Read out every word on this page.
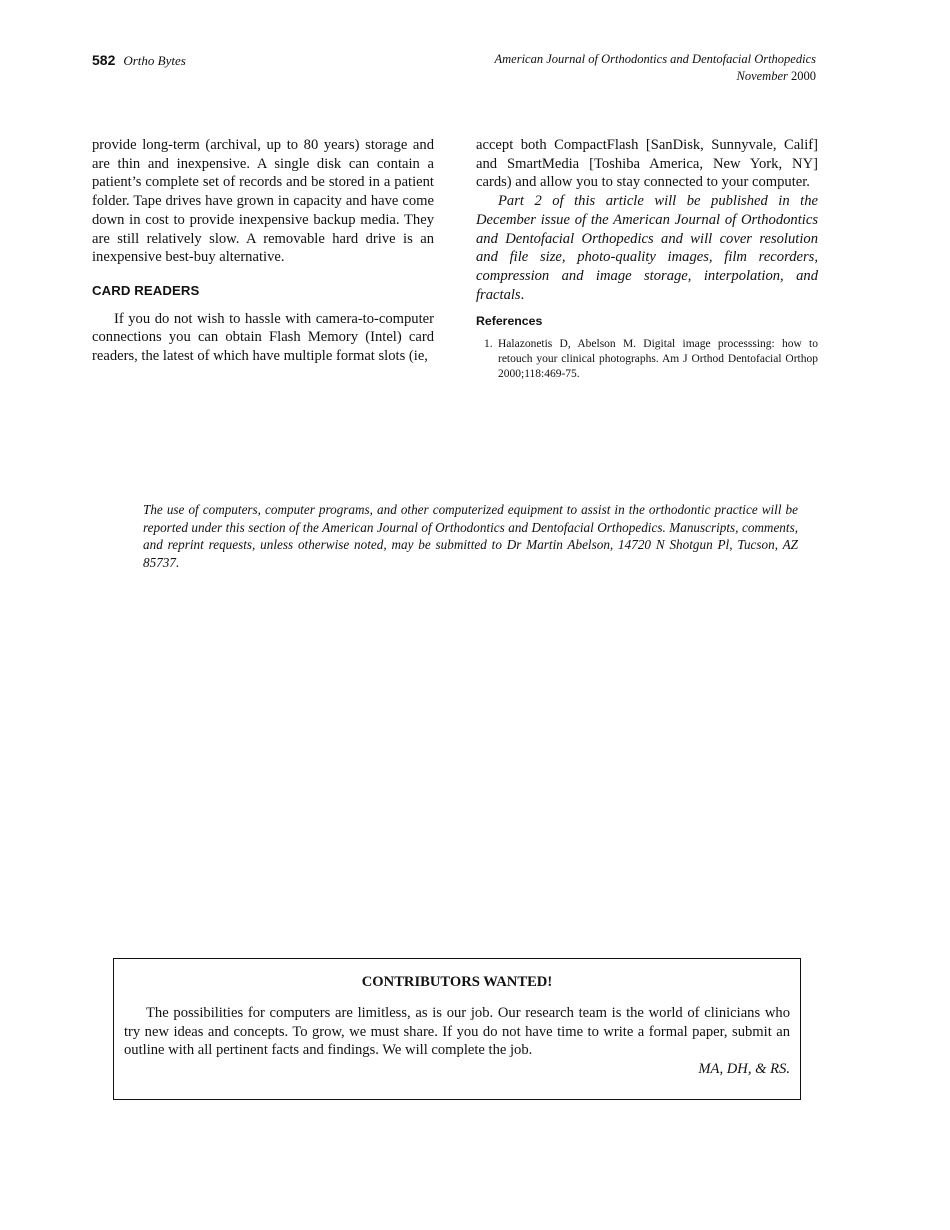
582 Ortho Bytes	American Journal of Orthodontics and Dentofacial Orthopedics
November 2000

provide long-term (archival, up to 80 years) storage and are thin and inexpensive. A single disk can contain a patient’s complete set of records and be stored in a patient folder. Tape drives have grown in capacity and have come down in cost to provide inexpensive backup media. They are still relatively slow. A removable hard drive is an inexpensive best-buy alternative.

CARD READERS

If you do not wish to hassle with camera-to-computer connections you can obtain Flash Memory (Intel) card readers, the latest of which have multiple format slots (ie,

accept both CompactFlash [SanDisk, Sunnyvale, Calif] and SmartMedia [Toshiba America, New York, NY] cards) and allow you to stay connected to your computer.

Part 2 of this article will be published in the December issue of the American Journal of Orthodontics and Dentofacial Orthopedics and will cover resolution and file size, photo-quality images, film recorders, compression and image storage, interpolation, and fractals.

References
1. Halazonetis D, Abelson M. Digital image processsing: how to retouch your clinical photographs. Am J Orthod Dentofacial Orthop 2000;118:469-75.
The use of computers, computer programs, and other computerized equipment to assist in the orthodontic practice will be reported under this section of the American Journal of Orthodontics and Dentofacial Orthopedics. Manuscripts, comments, and reprint requests, unless otherwise noted, may be submitted to Dr Martin Abelson, 14720 N Shotgun Pl, Tucson, AZ 85737.
CONTRIBUTORS WANTED!
The possibilities for computers are limitless, as is our job. Our research team is the world of clinicians who try new ideas and concepts. To grow, we must share. If you do not have time to write a formal paper, submit an outline with all pertinent facts and findings. We will complete the job.
MA, DH, & RS.
